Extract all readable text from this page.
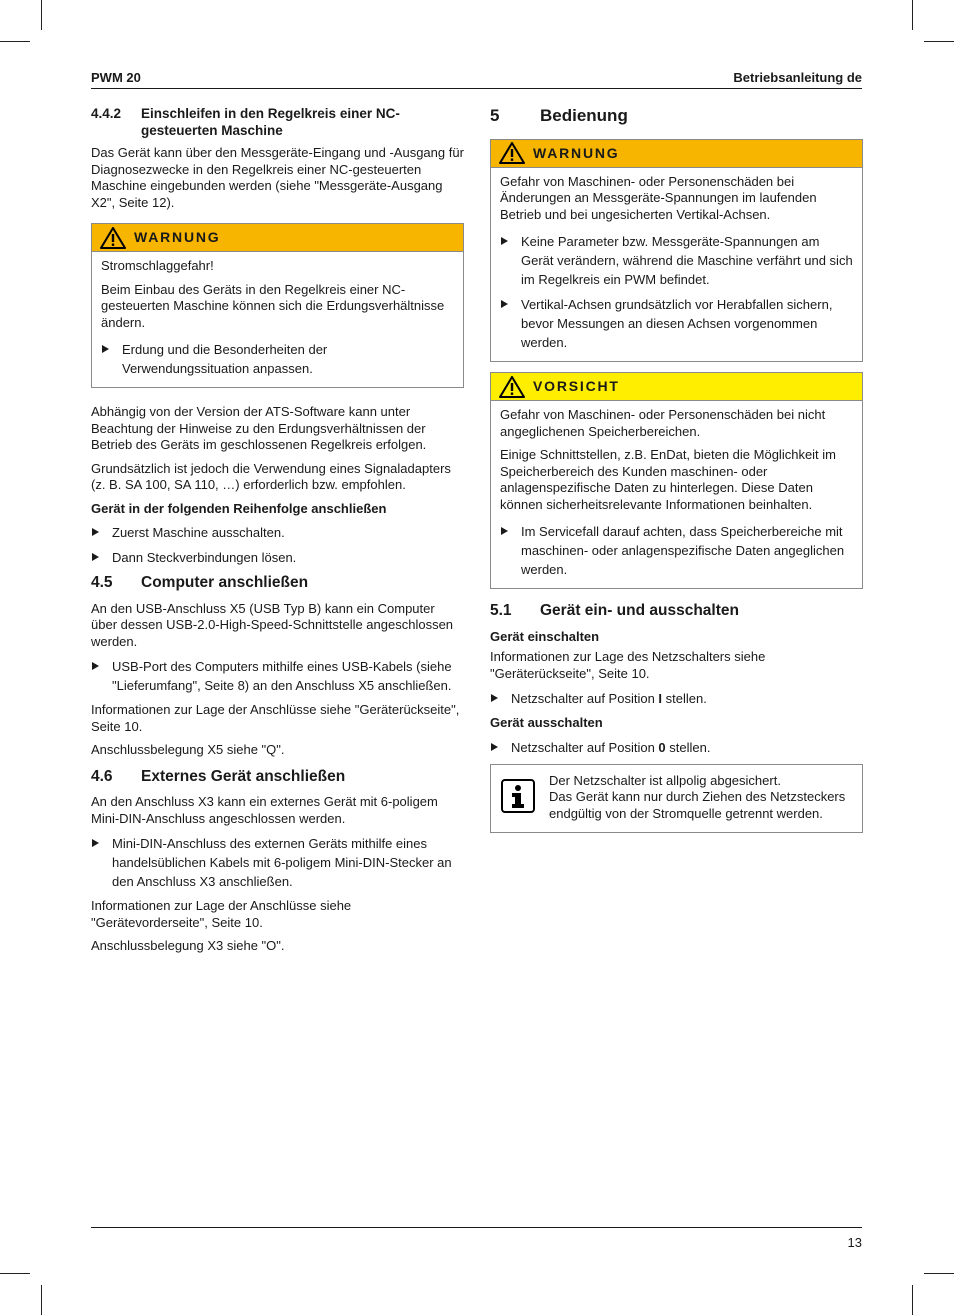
PWM 20	Betriebsanleitung de
4.4.2	Einschleifen in den Regelkreis einer NC-gesteuerten Maschine

Das Gerät kann über den Messgeräte-Eingang und -Ausgang für Diagnosezwecke in den Regelkreis einer NC-gesteuerten Maschine eingebunden werden (siehe "Messgeräte-Ausgang X2", Seite 12).

WARNUNG

Stromschlaggefahr!

Beim Einbau des Geräts in den Regelkreis einer NC-gesteuerten Maschine können sich die Erdungsverhältnisse ändern.

Erdung und die Besonderheiten der Verwendungssituation anpassen.

Abhängig von der Version der ATS-Software kann unter Beachtung der Hinweise zu den Erdungsverhältnissen der Betrieb des Geräts im geschlossenen Regelkreis erfolgen.

Grundsätzlich ist jedoch die Verwendung eines Signaladapters (z. B. SA 100, SA 110, …) erforderlich bzw. empfohlen.

Gerät in der folgenden Reihenfolge anschließen
Zuerst Maschine ausschalten.
Dann Steckverbindungen lösen.
4.5	Computer anschließen

An den USB-Anschluss X5 (USB Typ B) kann ein Computer über dessen USB-2.0-High-Speed-Schnittstelle angeschlossen werden.

USB-Port des Computers mithilfe eines USB-Kabels (siehe "Lieferumfang", Seite 8) an den Anschluss X5 anschließen.

Informationen zur Lage der Anschlüsse siehe "Geräterückseite", Seite 10.

Anschlussbelegung X5 siehe "Q".

4.6	Externes Gerät anschließen

An den Anschluss X3 kann ein externes Gerät mit 6-poligem Mini-DIN-Anschluss angeschlossen werden.

Mini-DIN-Anschluss des externen Geräts mithilfe eines handelsüblichen Kabels mit 6-poligem Mini-DIN-Stecker an den Anschluss X3 anschließen.

Informationen zur Lage der Anschlüsse siehe "Gerätevorderseite", Seite 10.

Anschlussbelegung X3 siehe "O".

5	Bedienung
WARNUNG

Gefahr von Maschinen- oder Personenschäden bei Änderungen an Messgeräte-Spannungen im laufenden Betrieb und bei ungesicherten Vertikal-Achsen.

Keine Parameter bzw. Messgeräte-Spannungen am Gerät verändern, während die Maschine verfährt und sich im Regelkreis ein PWM befindet.
Vertikal-Achsen grundsätzlich vor Herabfallen sichern, bevor Messungen an diesen Achsen vorgenommen werden.
VORSICHT

Gefahr von Maschinen- oder Personenschäden bei nicht angeglichenen Speicherbereichen.

Einige Schnittstellen, z.B. EnDat, bieten die Möglichkeit im Speicherbereich des Kunden maschinen- oder anlagenspezifische Daten zu hinterlegen. Diese Daten können sicherheitsrelevante Informationen beinhalten.

Im Servicefall darauf achten, dass Speicherbereiche mit maschinen- oder anlagenspezifische Daten angeglichen werden.
5.1	Gerät ein- und ausschalten
Gerät einschalten

Informationen zur Lage des Netzschalters siehe "Geräterückseite", Seite 10.

Netzschalter auf Position I stellen.
Gerät ausschalten
Netzschalter auf Position 0 stellen.
Der Netzschalter ist allpolig abgesichert.
Das Gerät kann nur durch Ziehen des Netzsteckers endgültig von der Stromquelle getrennt werden.
13
